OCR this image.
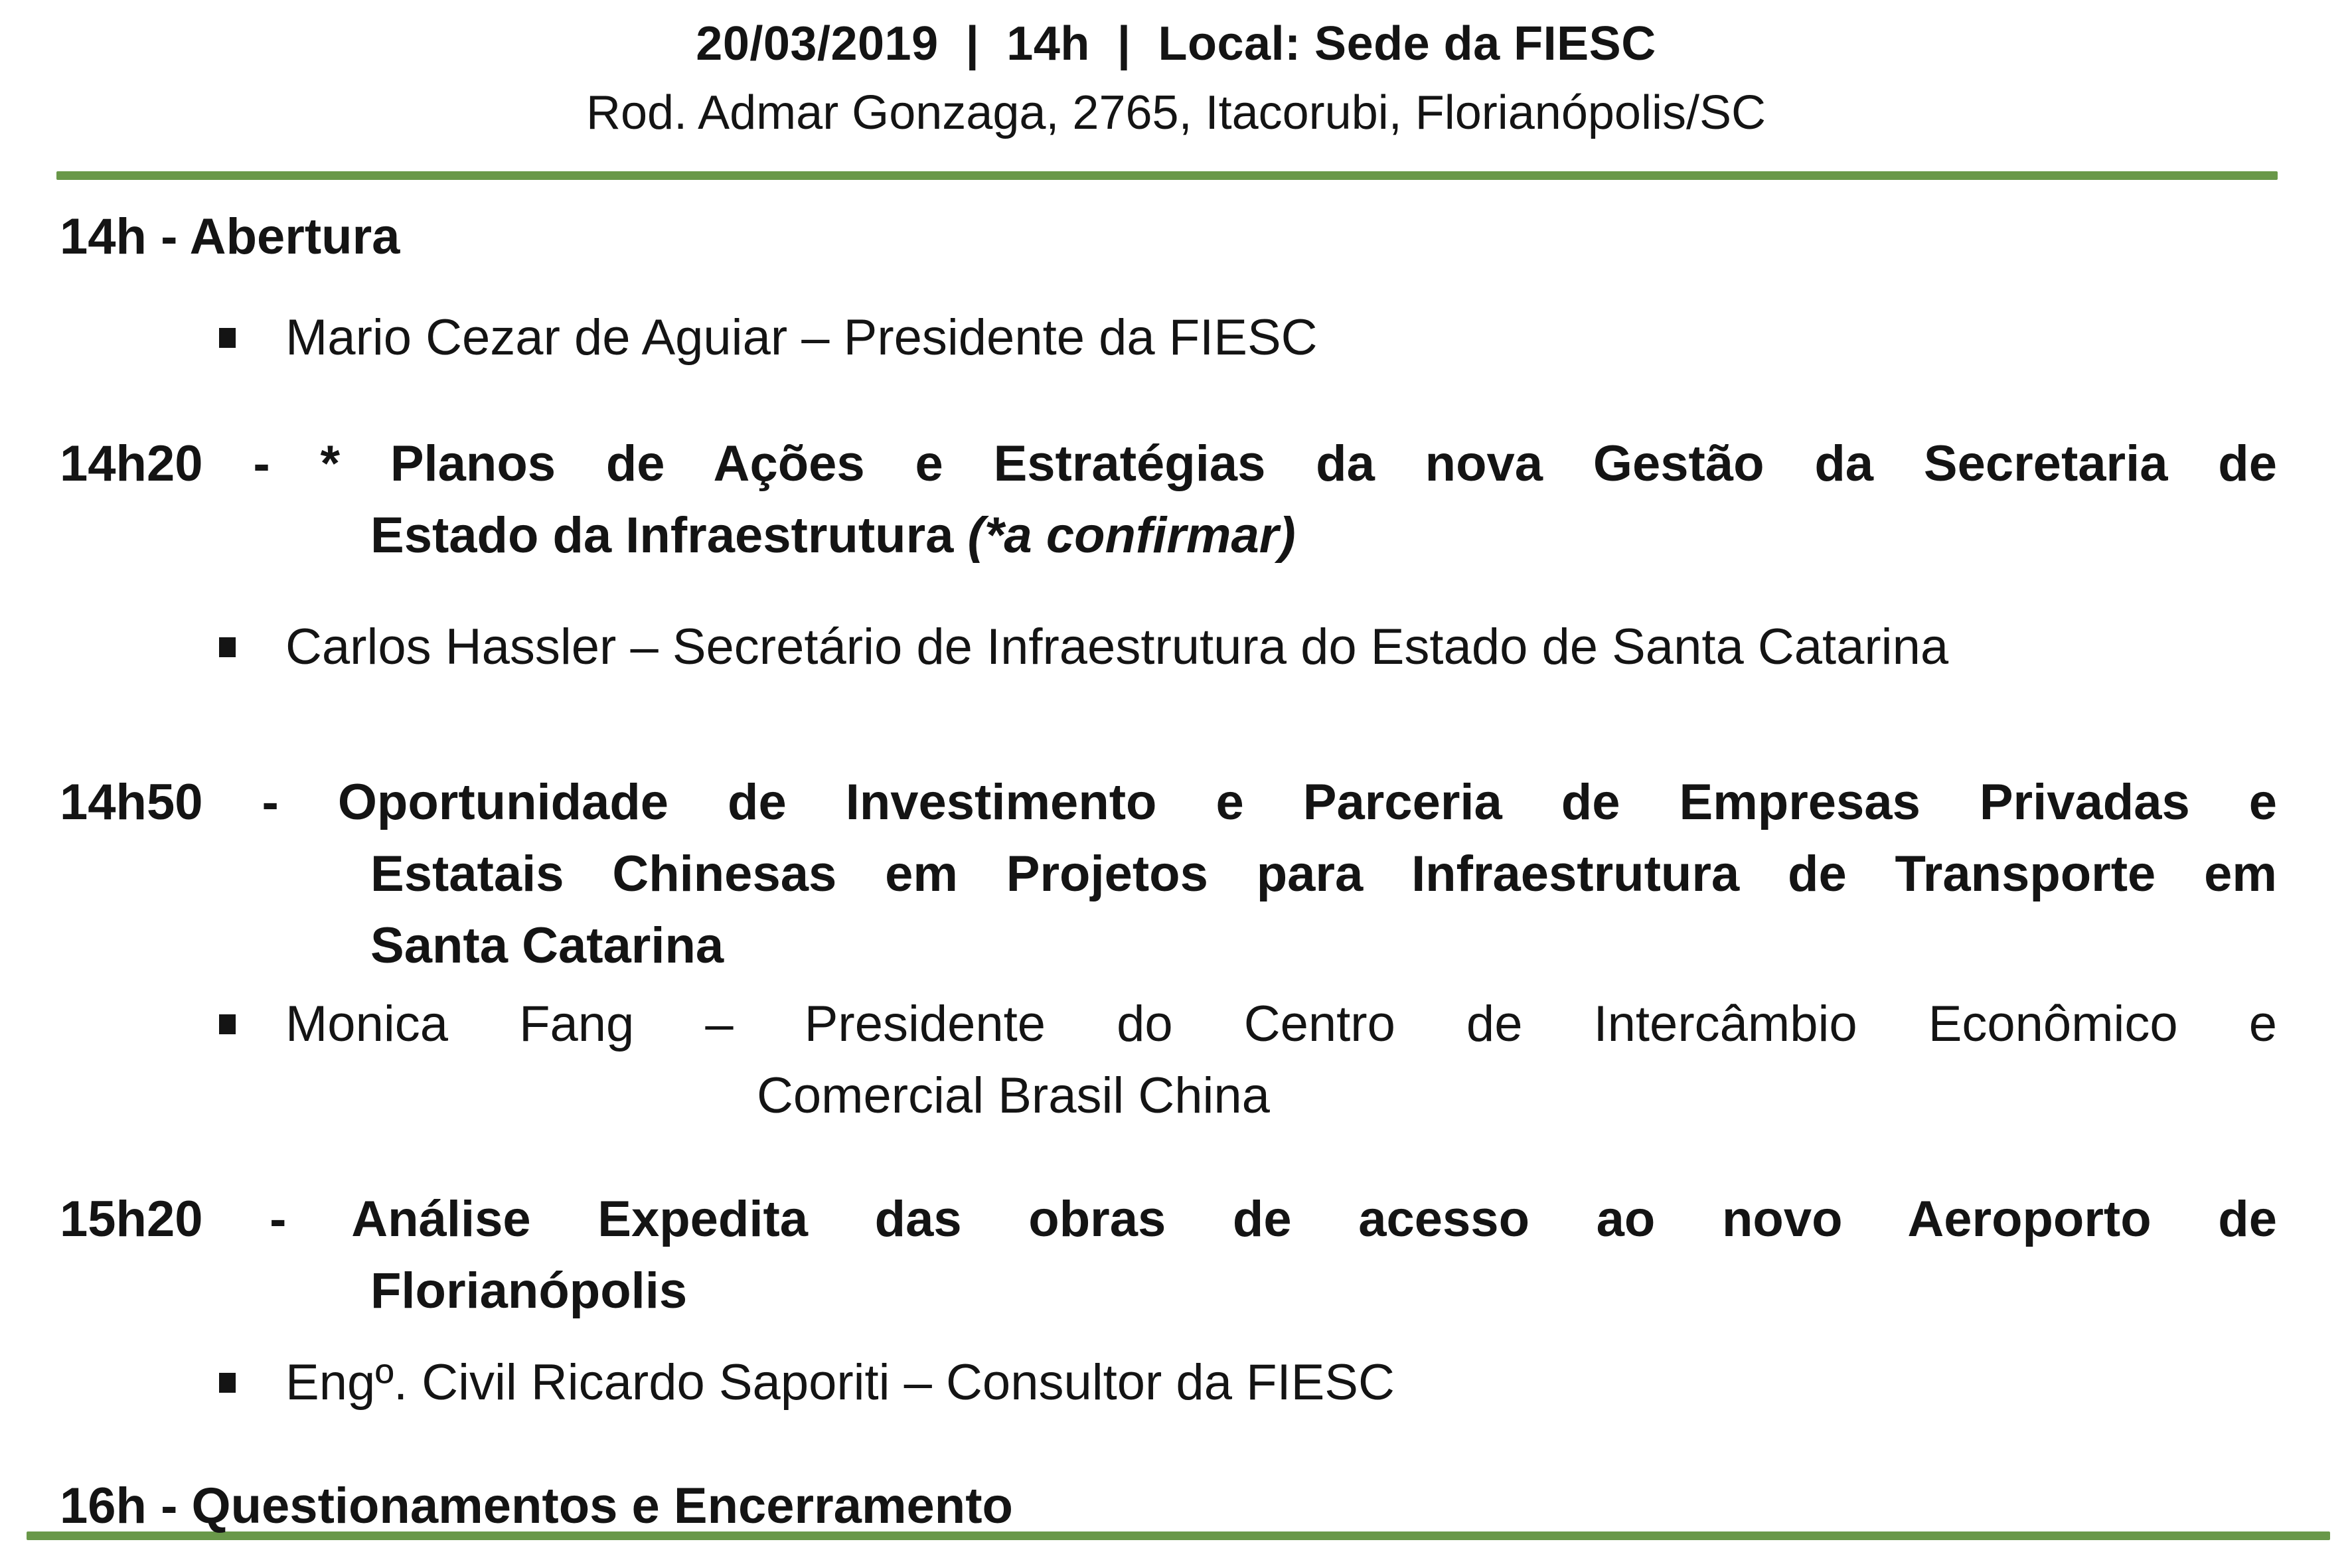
20/03/2019  |  14h  |  Local: Sede da FIESC
Rod. Admar Gonzaga, 2765, Itacorubi, Florianópolis/SC
14h - Abertura
Mario Cezar de Aguiar – Presidente da FIESC
14h20 - * Planos de Ações e Estratégias da nova Gestão da Secretaria de
Estado da Infraestrutura (*a confirmar)
Carlos Hassler – Secretário de Infraestrutura do Estado de Santa Catarina
14h50 - Oportunidade de Investimento e Parceria de Empresas Privadas e
Estatais Chinesas em Projetos para Infraestrutura de Transporte em
Santa Catarina
Monica Fang – Presidente do Centro de Intercâmbio Econômico e
Comercial Brasil China
15h20 - Análise Expedita das obras de acesso ao novo Aeroporto de
Florianópolis
Engº. Civil Ricardo Saporiti – Consultor da FIESC
16h - Questionamentos e Encerramento
